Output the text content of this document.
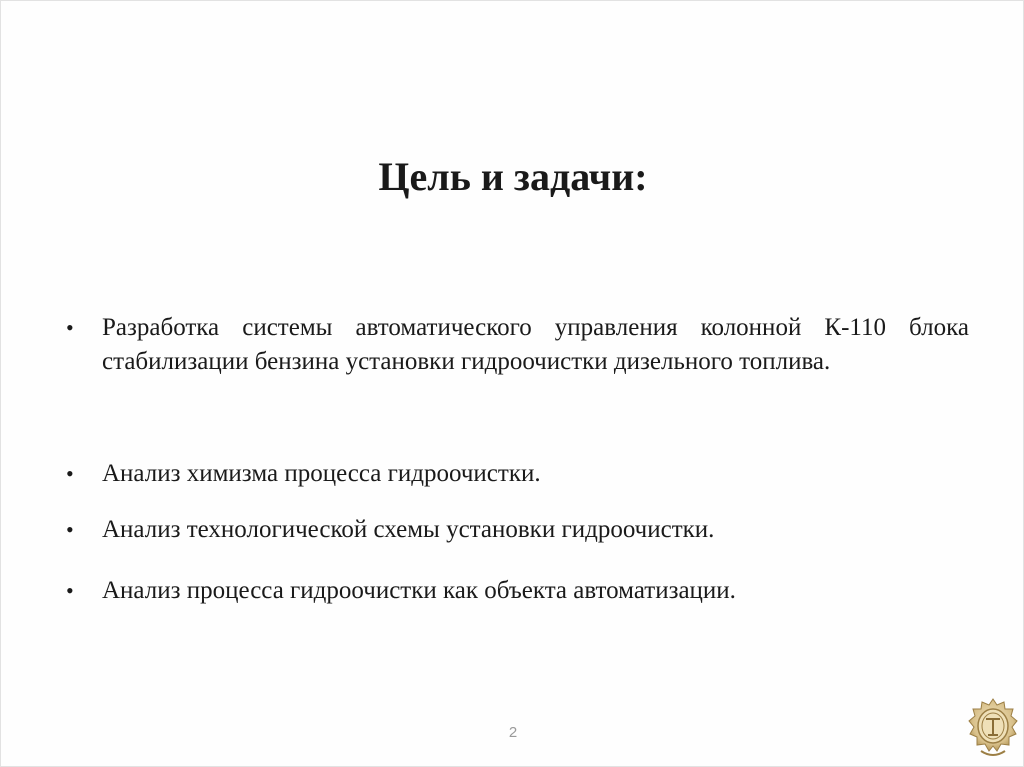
Цель и задачи:
• Разработка системы автоматического управления колонной К-110 блока стабилизации бензина установки гидроочистки дизельного топлива.
• Анализ химизма процесса гидроочистки.
• Анализ технологической схемы установки гидроочистки.
• Анализ процесса гидроочистки как объекта автоматизации.
2
